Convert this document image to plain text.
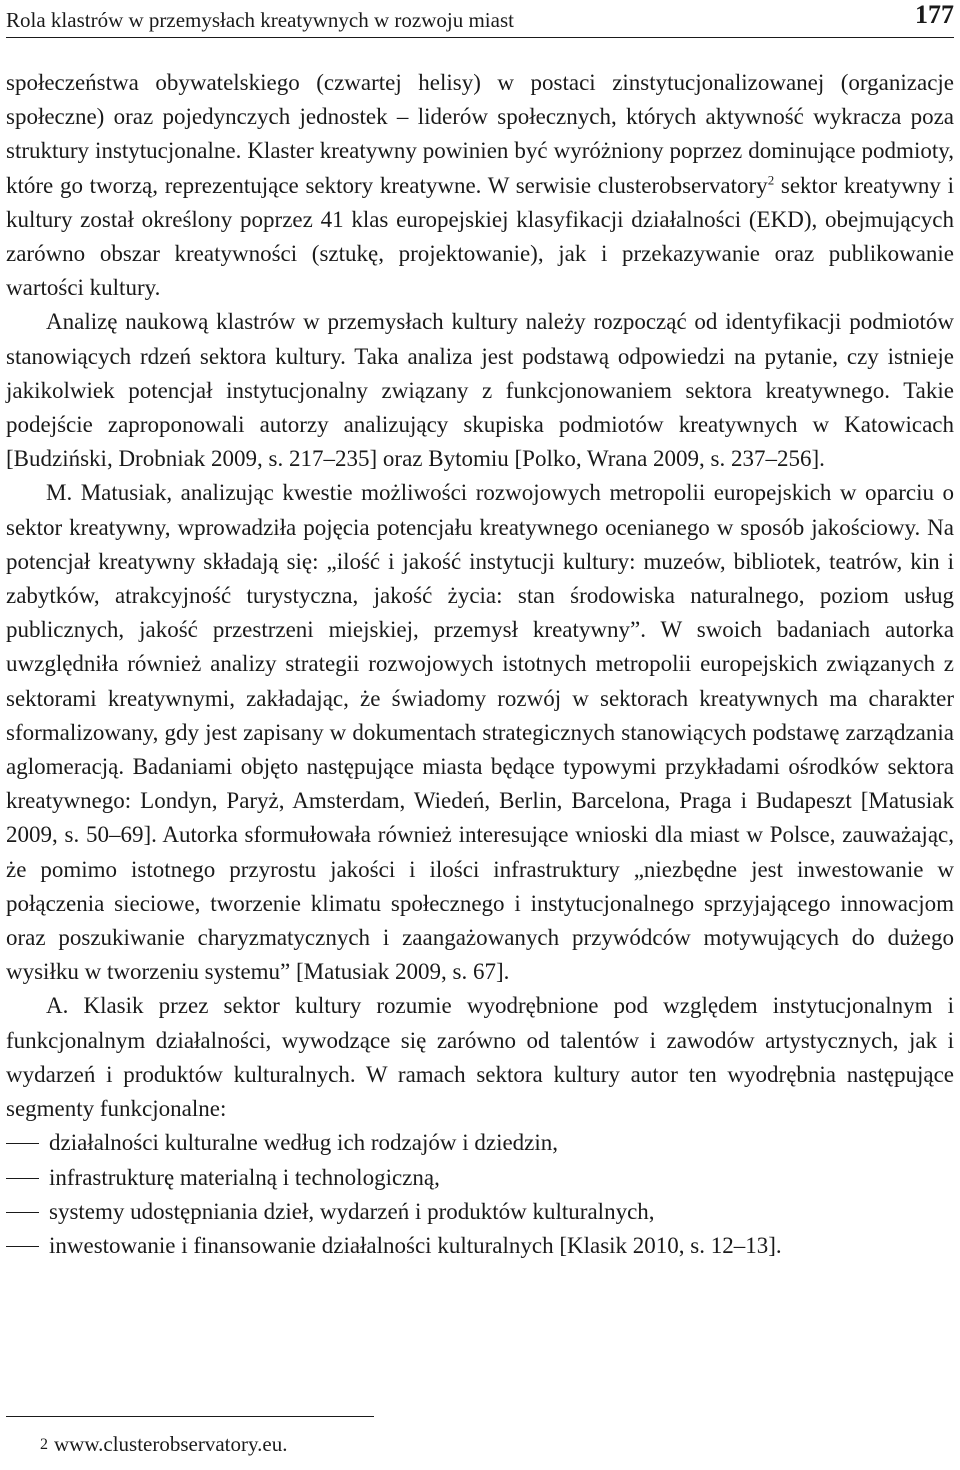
Rola klastrów w przemysłach kreatywnych w rozwoju miast	177

społeczeństwa obywatelskiego (czwartej helisy) w postaci zinstytucjonalizowanej (organizacje społeczne) oraz pojedynczych jednostek – liderów społecznych, których aktywność wykracza poza struktury instytucjonalne. Klaster kreatywny powinien być wyróżniony poprzez dominujące podmioty, które go tworzą, reprezentujące sektory kreatywne. W serwisie clusterobservatory$^2$ sektor kreatywny i kultury został określony poprzez 41 klas europejskiej klasyfikacji działalności (EKD), obejmujących zarówno obszar kreatywności (sztukę, projektowanie), jak i przekazywanie oraz publikowanie wartości kultury.

Analizę naukową klastrów w przemysłach kultury należy rozpocząć od identyfikacji podmiotów stanowiących rdzeń sektora kultury. Taka analiza jest podstawą odpowiedzi na pytanie, czy istnieje jakikolwiek potencjał instytucjonalny związany z funkcjonowaniem sektora kreatywnego. Takie podejście zaproponowali autorzy analizujący skupiska podmiotów kreatywnych w Katowicach [Budziński, Drobniak 2009, s. 217–235] oraz Bytomiu [Polko, Wrana 2009, s. 237–256].

M. Matusiak, analizując kwestie możliwości rozwojowych metropolii europejskich w oparciu o sektor kreatywny, wprowadziła pojęcia potencjału kreatywnego ocenianego w sposób jakościowy. Na potencjał kreatywny składają się: „ilość i jakość instytucji kultury: muzeów, bibliotek, teatrów, kin i zabytków, atrakcyjność turystyczna, jakość życia: stan środowiska naturalnego, poziom usług publicznych, jakość przestrzeni miejskiej, przemysł kreatywny”. W swoich badaniach autorka uwzględniła również analizy strategii rozwojowych istotnych metropolii europejskich związanych z sektorami kreatywnymi, zakładając, że świadomy rozwój w sektorach kreatywnych ma charakter sformalizowany, gdy jest zapisany w dokumentach strategicznych stanowiących podstawę zarządzania aglomeracją. Badaniami objęto następujące miasta będące typowymi przykładami ośrodków sektora kreatywnego: Londyn, Paryż, Amsterdam, Wiedeń, Berlin, Barcelona, Praga i Budapeszt [Matusiak 2009, s. 50–69]. Autorka sformułowała również interesujące wnioski dla miast w Polsce, zauważając, że pomimo istotnego przyrostu jakości i ilości infrastruktury „niezbędne jest inwestowanie w połączenia sieciowe, tworzenie klimatu społecznego i instytucjonalnego sprzyjającego innowacjom oraz poszukiwanie charyzmatycznych i zaangażowanych przywódców motywujących do dużego wysiłku w tworzeniu systemu” [Matusiak 2009, s. 67].

A. Klasik przez sektor kultury rozumie wyodrębnione pod względem instytucjonalnym i funkcjonalnym działalności, wywodzące się zarówno od talentów i zawodów artystycznych, jak i wydarzeń i produktów kulturalnych. W ramach sektora kultury autor ten wyodrębnia następujące segmenty funkcjonalne:

działalności kulturalne według ich rodzajów i dziedzin,
infrastrukturę materialną i technologiczną,
systemy udostępniania dzieł, wydarzeń i produktów kulturalnych,
inwestowanie i finansowanie działalności kulturalnych [Klasik 2010, s. 12–13].
2 www.clusterobservatory.eu.
